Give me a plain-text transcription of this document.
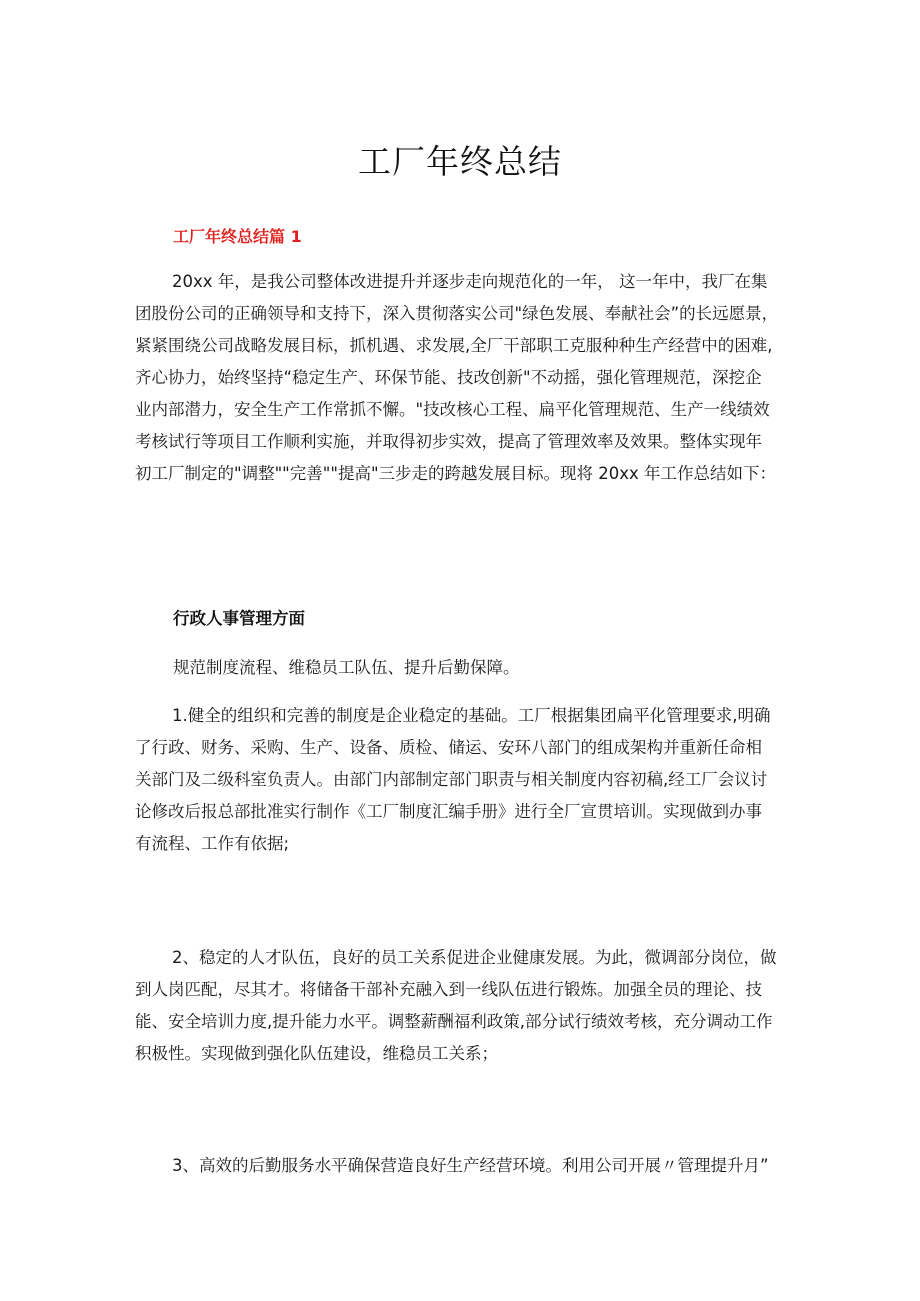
工厂年终总结
工厂年终总结篇 1
20xx 年，是我公司整体改进提升并逐步走向规范化的一年， 这一年中，我厂在集
团股份公司的正确领导和支持下，深入贯彻落实公司"绿色发展、奉献社会”的长远愿景，
紧紧围绕公司战略发展目标，抓机遇、求发展,全厂干部职工克服种种生产经营中的困难,
齐心协力，始终坚持“稳定生产、环保节能、技改创新"不动摇，强化管理规范，深挖企
业内部潜力，安全生产工作常抓不懈。"技改核心工程、扁平化管理规范、生产一线绩效
考核试行等项目工作顺利实施，并取得初步实效，提高了管理效率及效果。整体实现年
初工厂制定的"调整""完善""提高"三步走的跨越发展目标。现将 20xx 年工作总结如下：
行政人事管理方面
规范制度流程、维稳员工队伍、提升后勤保障。
1.健全的组织和完善的制度是企业稳定的基础。工厂根据集团扁平化管理要求,明确
了行政、财务、采购、生产、设备、质检、储运、安环八部门的组成架构并重新任命相
关部门及二级科室负责人。由部门内部制定部门职责与相关制度内容初稿,经工厂会议讨
论修改后报总部批准实行制作《工厂制度汇编手册》进行全厂宣贯培训。实现做到办事
有流程、工作有依据;
2、稳定的人才队伍，良好的员工关系促进企业健康发展。为此，微调部分岗位，做
到人岗匹配，尽其才。将储备干部补充融入到一线队伍进行锻炼。加强全员的理论、技
能、安全培训力度,提升能力水平。调整薪酬福利政策,部分试行绩效考核，充分调动工作
积极性。实现做到强化队伍建设，维稳员工关系；
3、高效的后勤服务水平确保营造良好生产经营环境。利用公司开展〃管理提升月”
